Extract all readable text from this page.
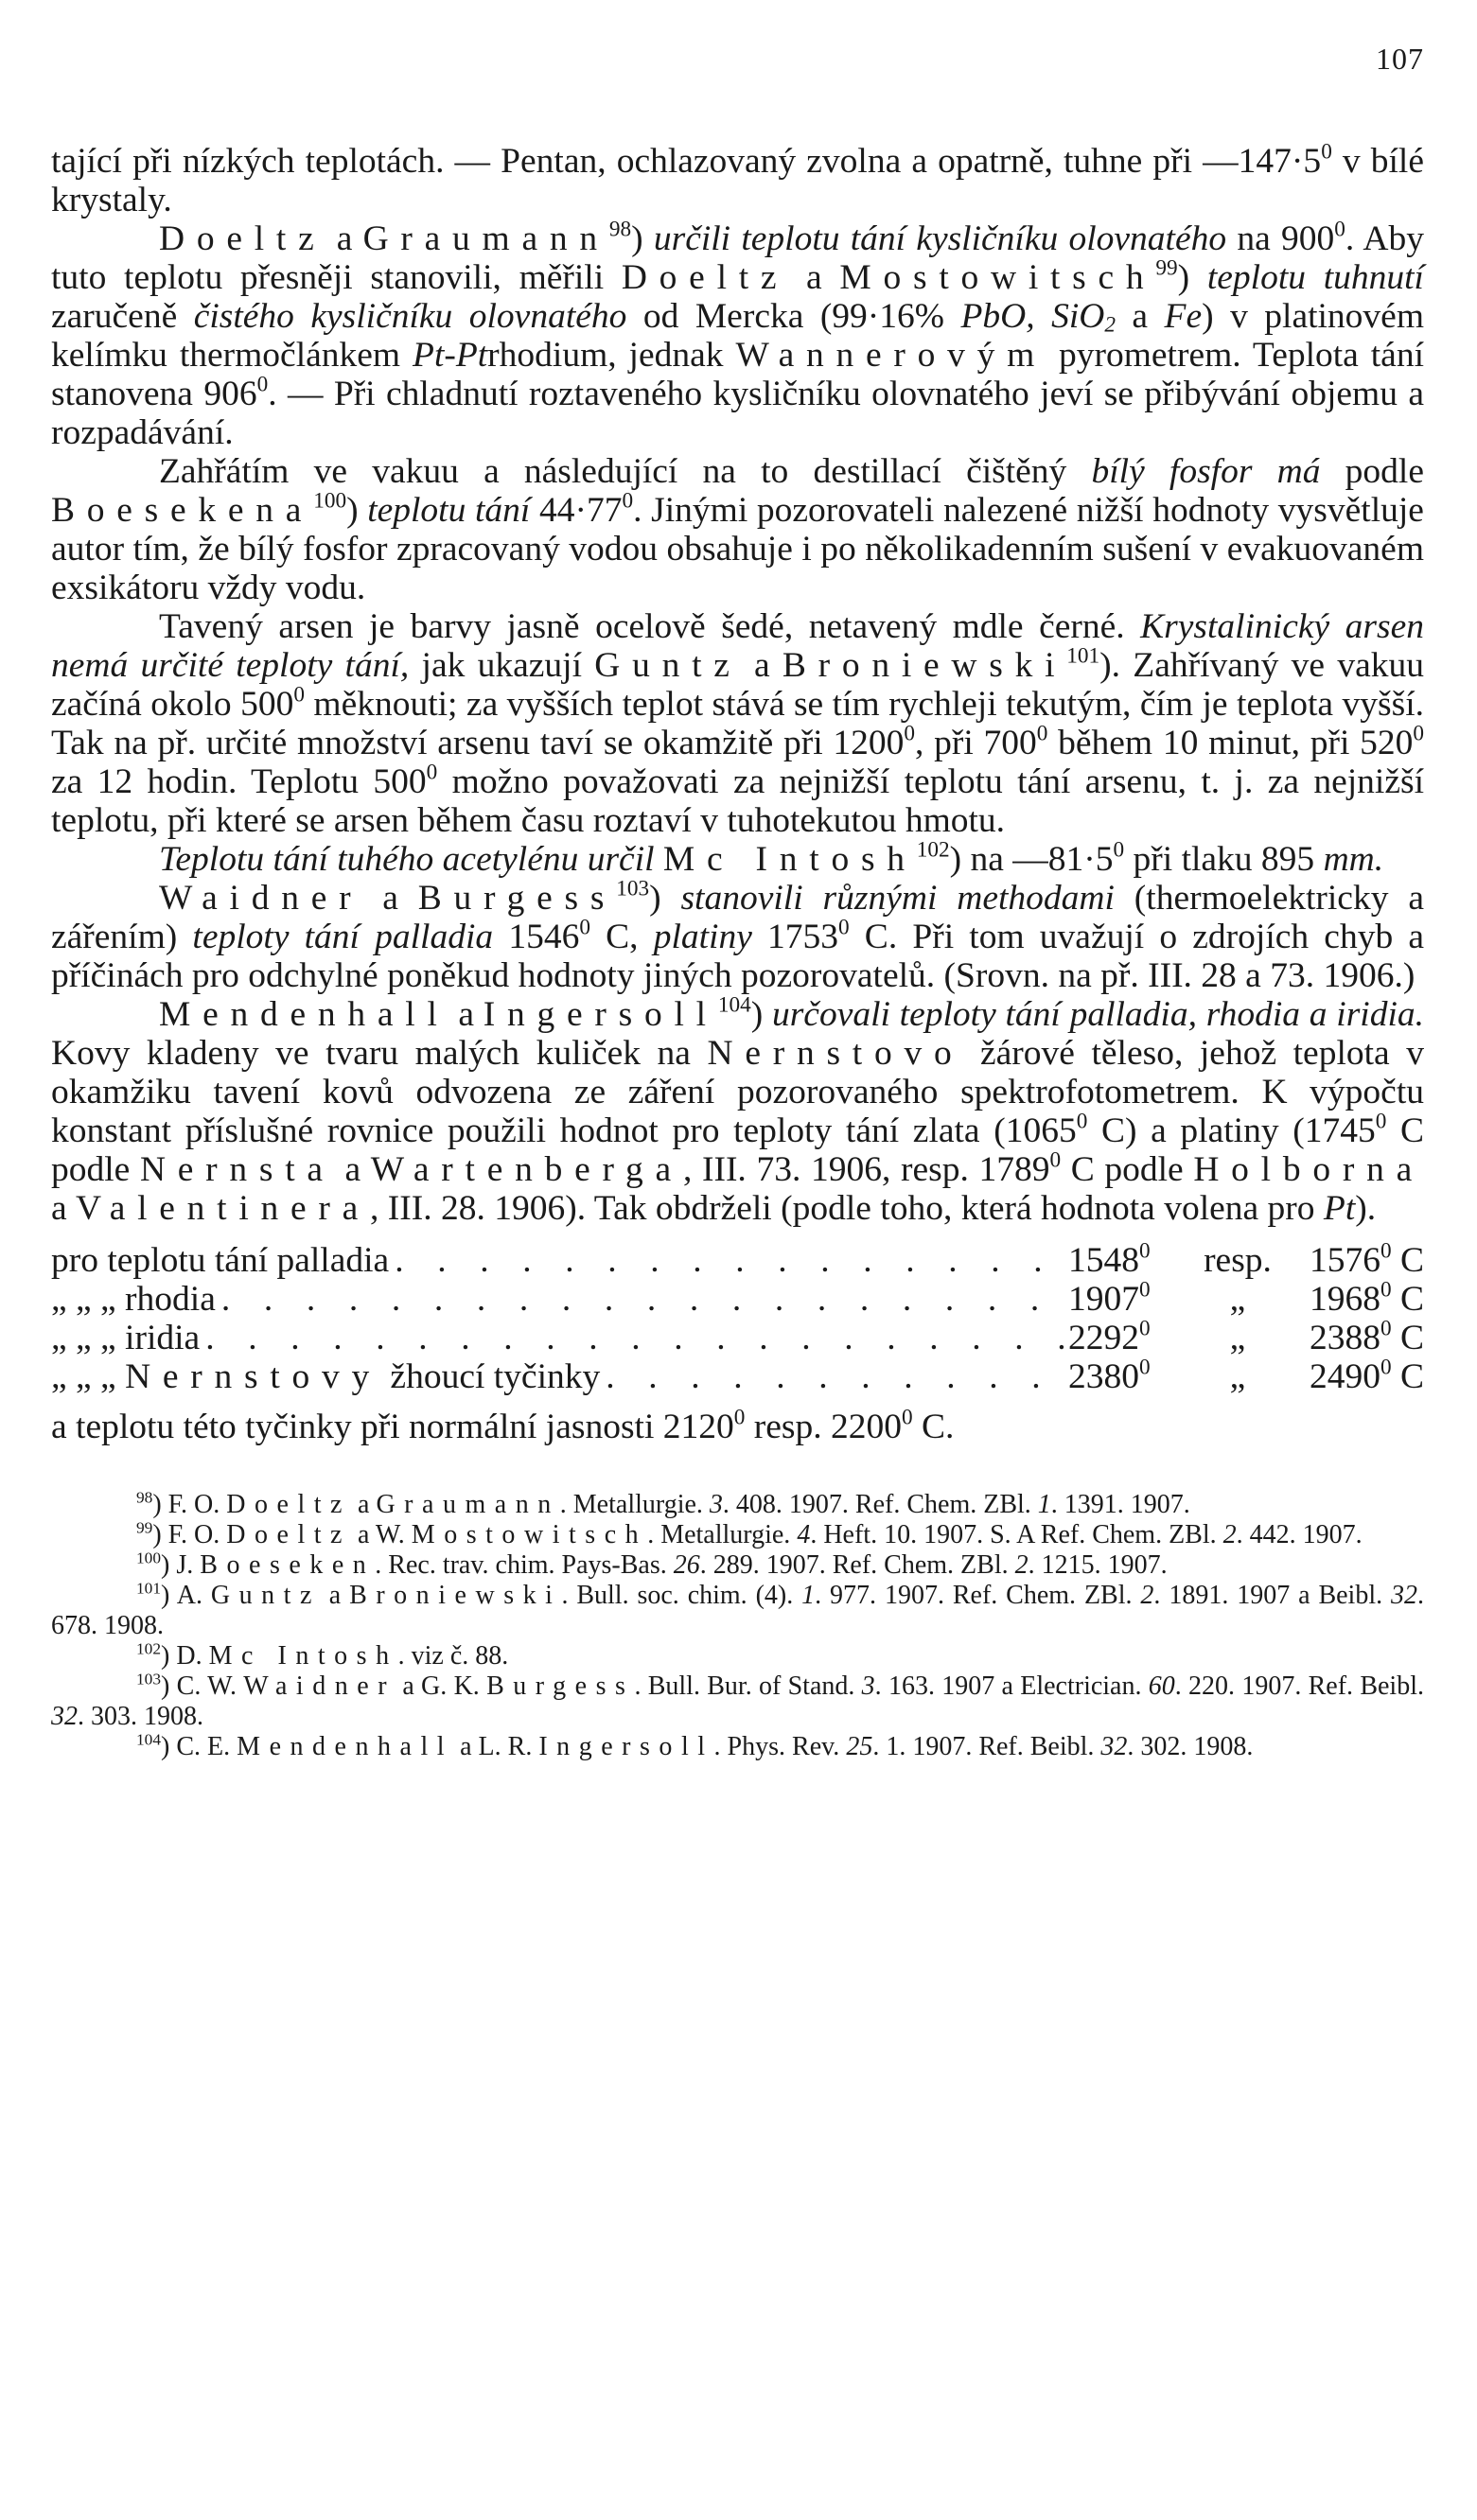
107

tající při nízkých teplotách. — Pentan, ochlazovaný zvolna a opatrně, tuhne při $—147\cdot 5^0$ v bílé krystaly.

Doeltz a Graumann$^{98}$) určili teplotu tání kysličníku olovnatého na $900^0$. Aby tuto teplotu přesněji stanovili, měřili Doeltz a Mostowitsch$^{99}$) teplotu tuhnutí zaručeně čistého kysličníku olovnatého od Mercka (99·16% PbO, SiO$_2$ a Fe) v platinovém kelímku thermočlánkem Pt-Ptrhodium, jednak Wannerovým pyrometrem. Teplota tání stanovena $906^0$. — Při chladnutí roztaveného kysličníku olovnatého jeví se přibývání objemu a rozpadávání.

Zahřátím ve vakuu a následující na to destillací čištěný bílý fosfor má podle Boesekena$^{100}$) teplotu tání $44\cdot 77^0$. Jinými pozorovateli nalezené nižší hodnoty vysvětluje autor tím, že bílý fosfor zpracovaný vodou obsahuje i po několikadenním sušení v evakuovaném exsikátoru vždy vodu.

Tavený arsen je barvy jasně ocelově šedé, netavený mdle černé. Krystalinický arsen nemá určité teploty tání, jak ukazují Guntz a Broniewski$^{101}$). Zahřívaný ve vakuu začíná okolo $500^0$ měknouti; za vyšších teplot stává se tím rychleji tekutým, čím je teplota vyšší. Tak na př. určité množství arsenu taví se okamžitě při 1200$^0$, při $700^0$ během 10 minut, při $520^0$ za 12 hodin. Teplotu $500^0$ možno považovati za nejnižší teplotu tání arsenu, t. j. za nejnižší teplotu, při které se arsen během času roztaví v tuhotekutou hmotu.

Teplotu tání tuhého acetylénu určil Mc Intosh$^{102}$) na $—81\cdot 5^0$ při tlaku 895 mm.

Waidner a Burgess$^{103}$) stanovili různými methodami (thermoelektricky a zářením) teploty tání palladia 1546$^0$ C, platiny 1753$^0$ C. Při tom uvažují o zdrojích chyb a příčinách pro odchylné poněkud hodnoty jiných pozorovatelů. (Srovn. na př. III. 28 a 73. 1906.)

Mendenhall a Ingersoll$^{104}$) určovali teploty tání palladia, rhodia a iridia. Kovy kladeny ve tvaru malých kuliček na Nernstovo žárové těleso, jehož teplota v okamžiku tavení kovů odvozena ze záření pozorovaného spektrofotometrem. K výpočtu konstant příslušné rovnice použili hodnot pro teploty tání zlata (1065$^0$ C) a platiny (1745$^0$ C podle Nernsta a Wartenberga, III. 73. 1906, resp. 1789$^0$ C podle Holborna a Valentinera, III. 28. 1906). Tak obdrželi (podle toho, která hodnota volena pro Pt).

pro teplotu tání palladia . . .	1548$^0$	resp.	1576$^0$ C
„ „ „ rhodia . . .	1907$^0$	„	1968$^0$ C
„ „ „ iridia . . .	2292$^0$	„	2388$^0$ C
„ „ „ Nernstovy žhoucí tyčinky . . .	2380$^0$	„	2490$^0$ C

a teplotu této tyčinky při normální jasnosti 2120$^0$ resp. 2200$^0$ C.

$^{98}$) F. O. Doeltz a Graumann. Metallurgie. 3. 408. 1907. Ref. Chem. ZBl. 1. 1391. 1907.

$^{99}$) F. O. Doeltz a W. Mostowitsch. Metallurgie. 4. Heft. 10. 1907. S. A Ref. Chem. ZBl. 2. 442. 1907.

$^{100}$) J. Boeseken. Rec. trav. chim. Pays-Bas. 26. 289. 1907. Ref. Chem. ZBl. 2. 1215. 1907.

$^{101}$) A. Guntz a Broniewski. Bull. soc. chim. (4). 1. 977. 1907. Ref. Chem. ZBl. 2. 1891. 1907 a Beibl. 32. 678. 1908.

$^{102}$) D. Mc Intosh. viz č. 88.

$^{103}$) C. W. Waidner a G. K. Burgess. Bull. Bur. of Stand. 3. 163. 1907 a Electrician. 60. 220. 1907. Ref. Beibl. 32. 303. 1908.

$^{104}$) C. E. Mendenhall a L. R. Ingersoll. Phys. Rev. 25. 1. 1907. Ref. Beibl. 32. 302. 1908.
